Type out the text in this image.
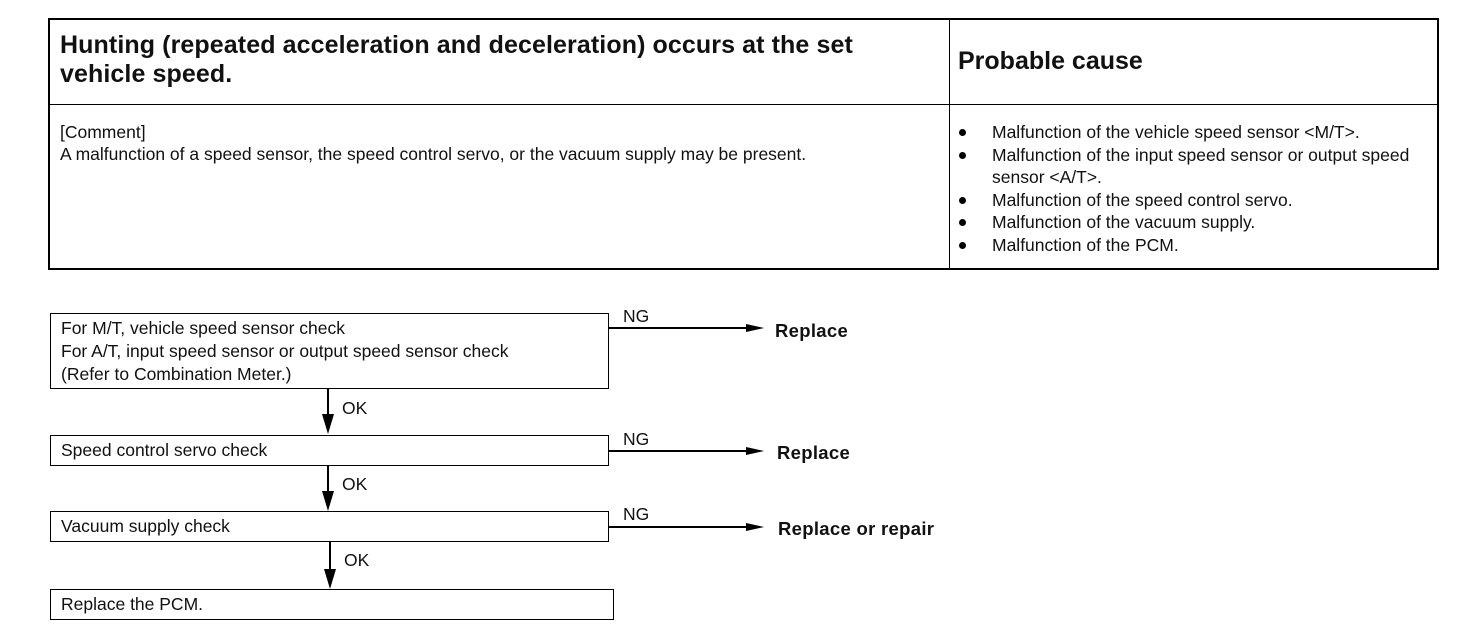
Hunting (repeated acceleration and deceleration) occurs at the set vehicle speed.	Probable cause
[Comment]
A malfunction of a speed sensor, the speed control servo, or the vacuum supply may be present.
Malfunction of the vehicle speed sensor <M/T>.
Malfunction of the input speed sensor or output speed sensor <A/T>.
Malfunction of the speed control servo.
Malfunction of the vacuum supply.
Malfunction of the PCM.
For M/T, vehicle speed sensor check
For A/T, input speed sensor or output speed sensor check
(Refer to Combination Meter.)
NG
Replace
OK
Speed control servo check
NG
Replace
OK
Vacuum supply check
NG
Replace or repair
OK
Replace the PCM.
